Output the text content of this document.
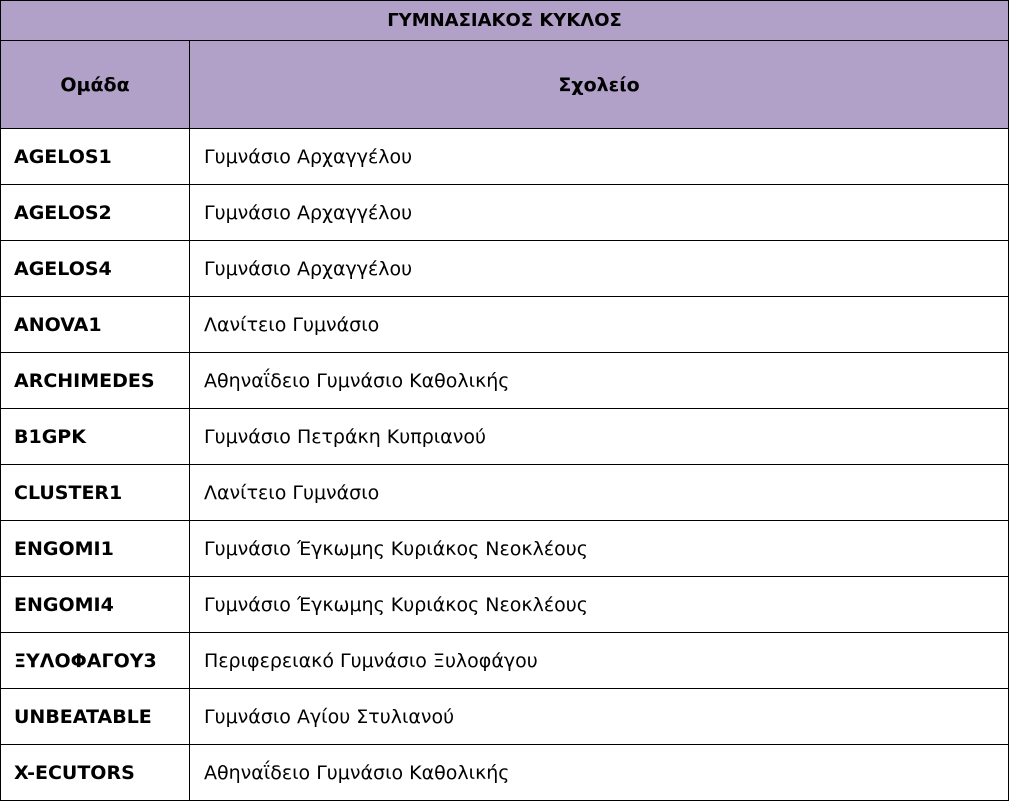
ΓΥΜΝΑΣΙΑΚΟΣ ΚΥΚΛΟΣ	
Ομάδα	Σχολείο
AGELOS1	Γυμνάσιο Αρχαγγέλου
AGELOS2	Γυμνάσιο Αρχαγγέλου
AGELOS4	Γυμνάσιο Αρχαγγέλου
ANOVA1	Λανίτειο Γυμνάσιο
ARCHIMEDES	Αθηναΐδειο Γυμνάσιο Καθολικής
B1GPK	Γυμνάσιο Πετράκη Κυπριανού
CLUSTER1	Λανίτειο Γυμνάσιο
ENGOMI1	Γυμνάσιο Έγκωμης Κυριάκος Νεοκλέους
ENGOMI4	Γυμνάσιο Έγκωμης Κυριάκος Νεοκλέους
ΞΥΛΟΦΑΓΟΥ3	Περιφερειακό Γυμνάσιο Ξυλοφάγου
UNBEATABLE	Γυμνάσιο Αγίου Στυλιανού
X-ECUTORS	Αθηναΐδειο Γυμνάσιο Καθολικής
